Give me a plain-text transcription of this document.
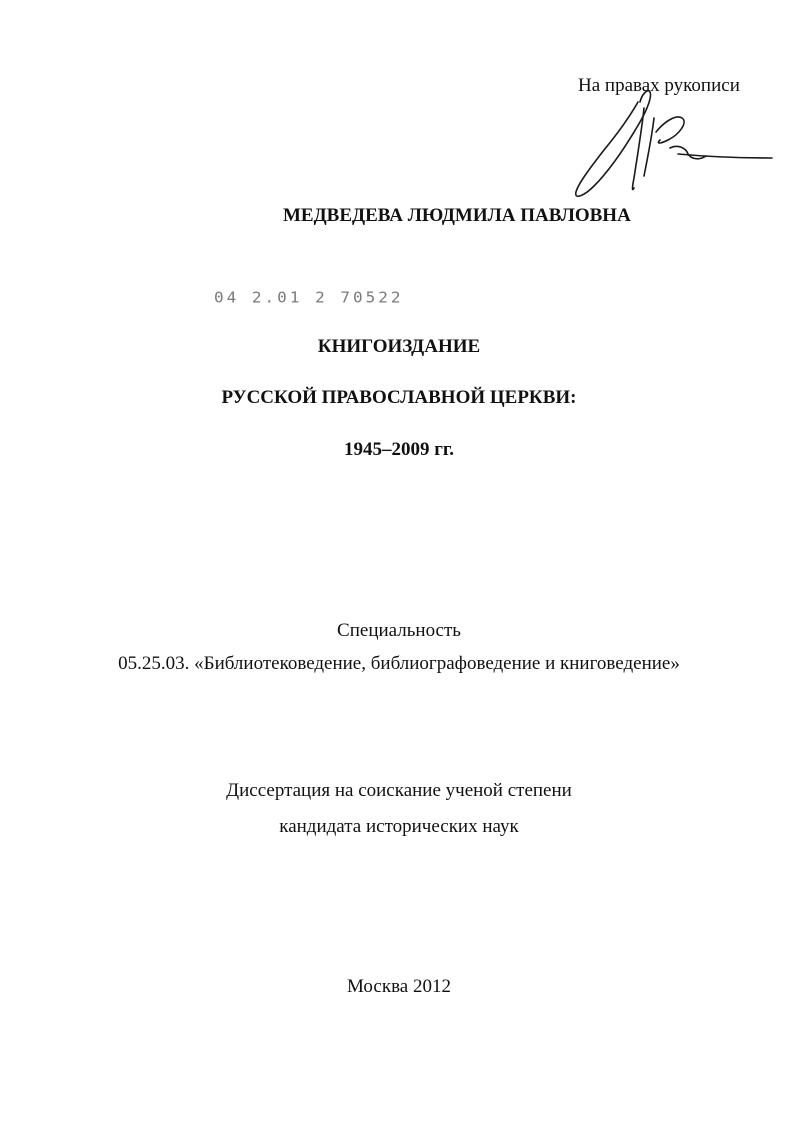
На правах рукописи
МЕДВЕДЕВА ЛЮДМИЛА ПАВЛОВНА
04 2.01 2 70522
КНИГОИЗДАНИЕ
РУССКОЙ ПРАВОСЛАВНОЙ ЦЕРКВИ:
1945–2009 гг.
Специальность
05.25.03. «Библиотековедение, библиографоведение и книговедение»
Диссертация на соискание ученой степени
кандидата исторических наук
Москва 2012
